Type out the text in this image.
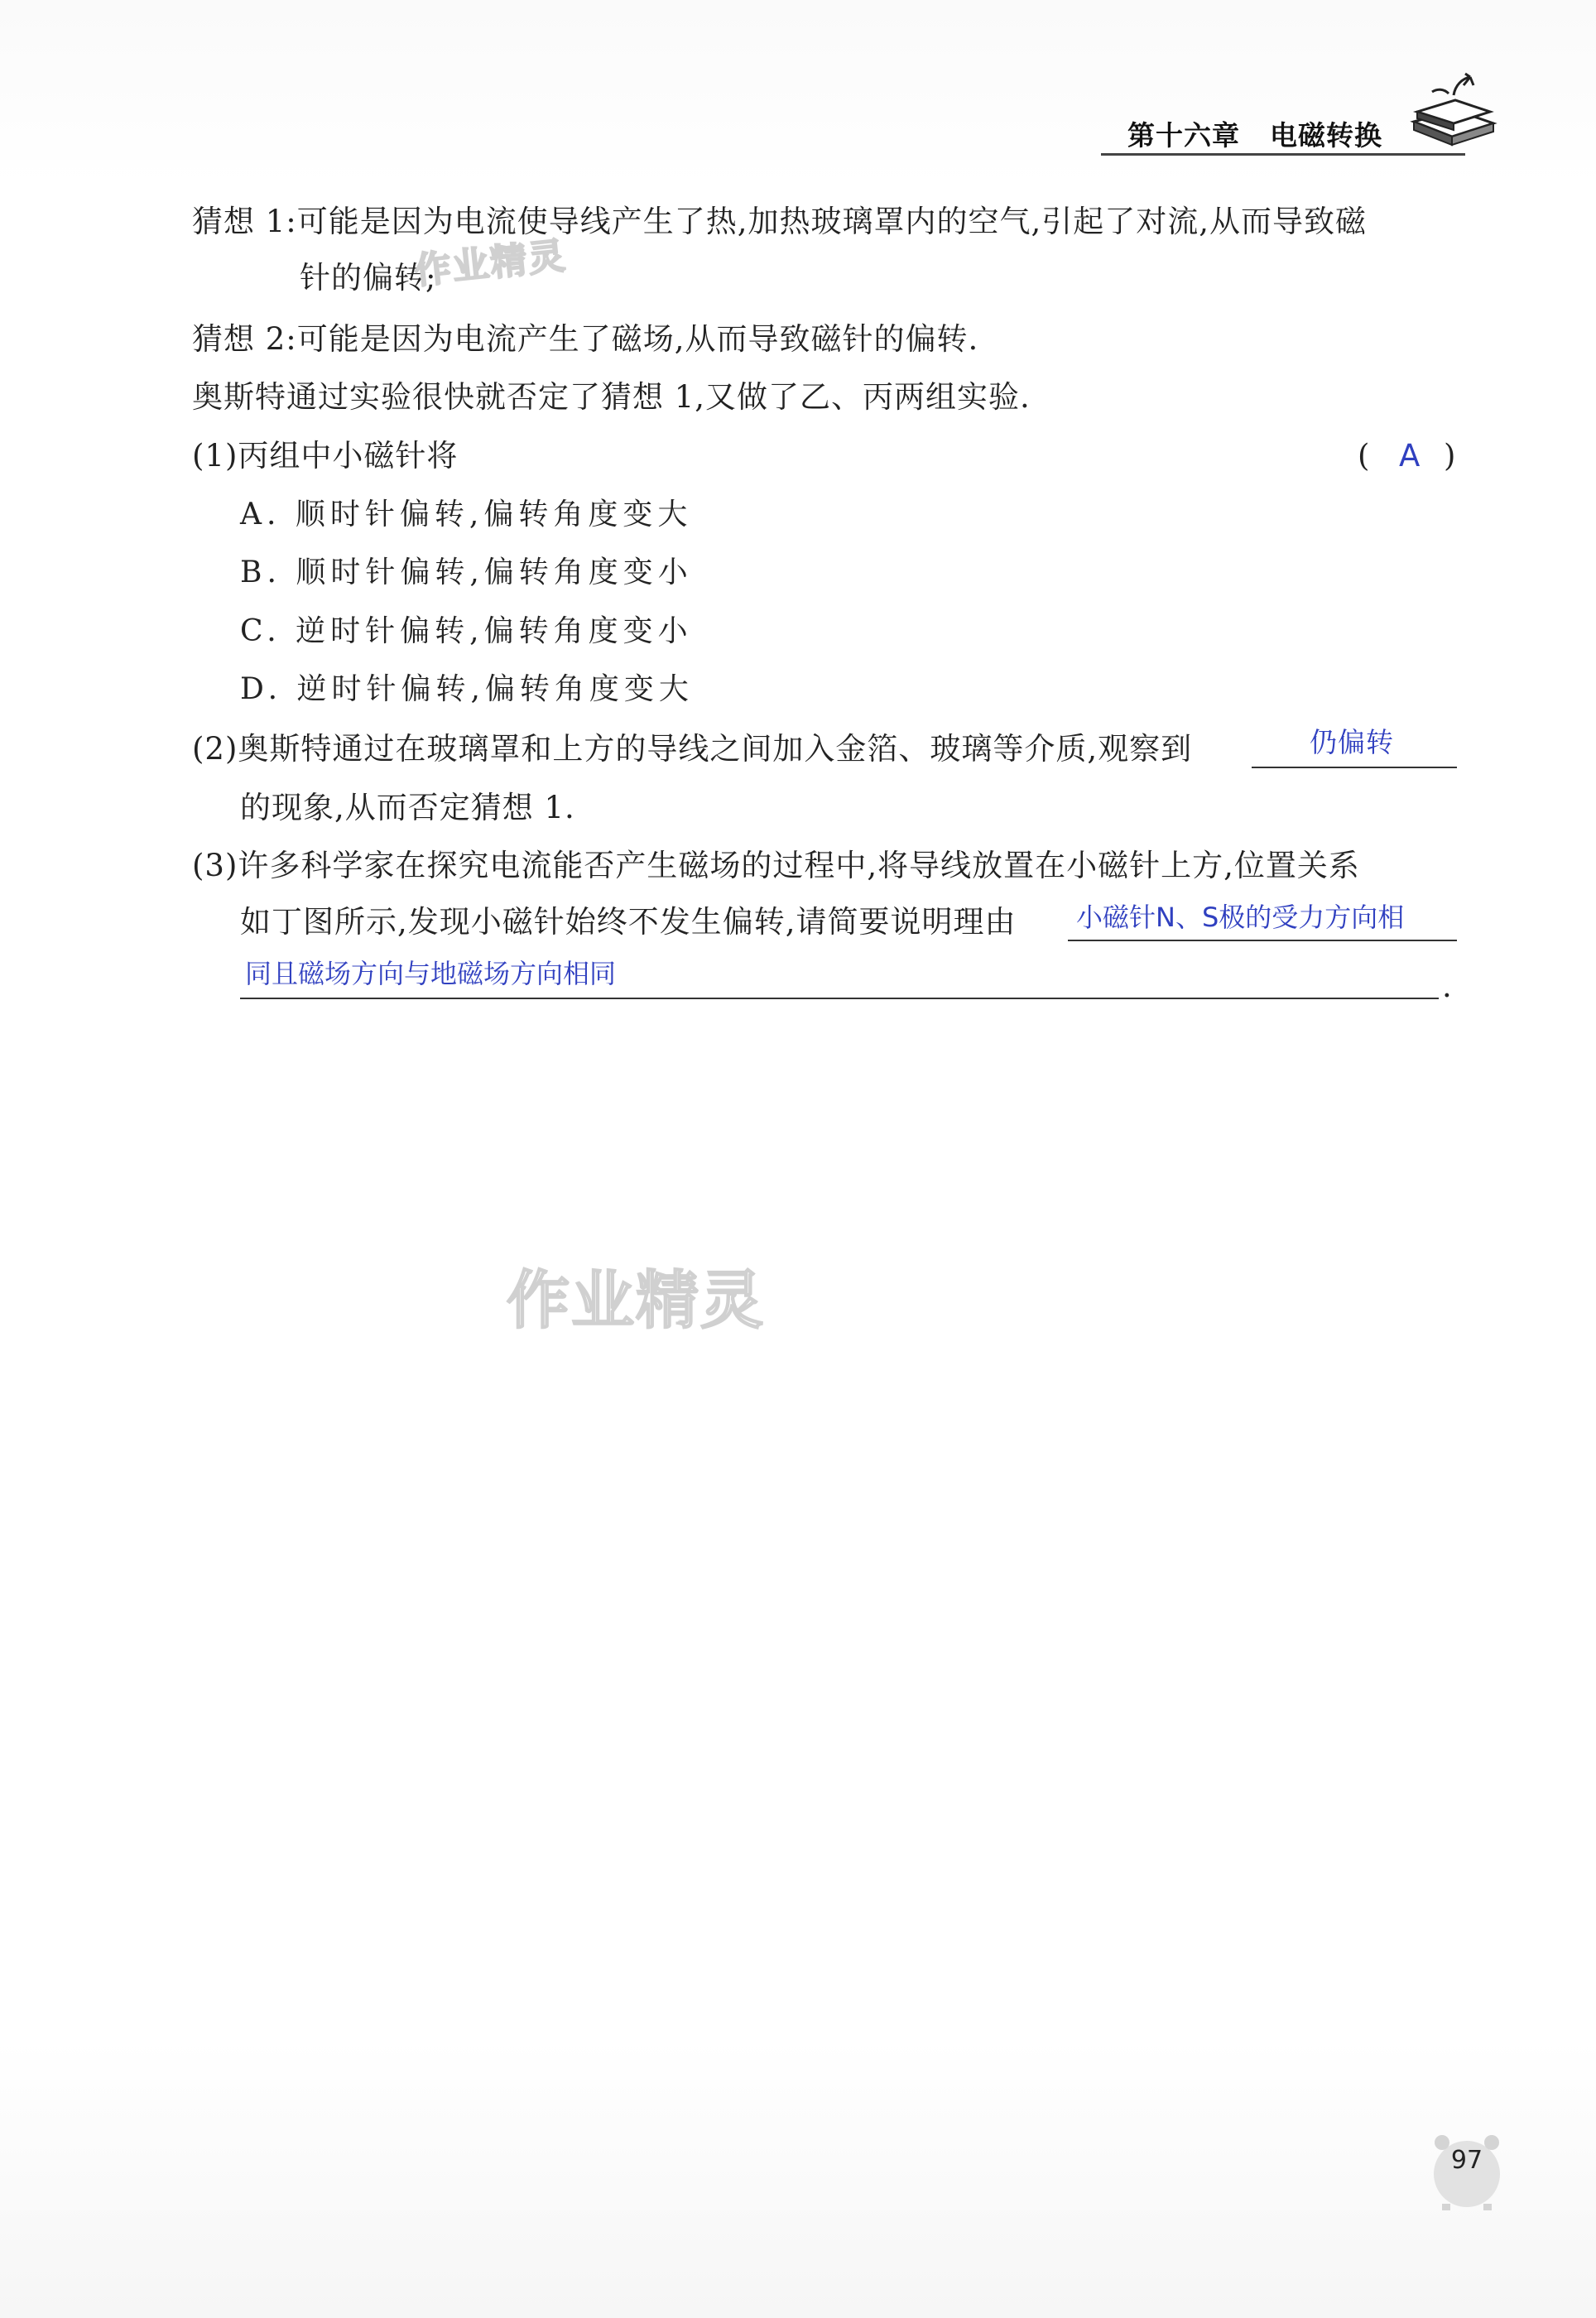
第十六章 电磁转换
猜想 1:可能是因为电流使导线产生了热,加热玻璃罩内的空气,引起了对流,从而导致磁
针的偏转;
猜想 2:可能是因为电流产生了磁场,从而导致磁针的偏转.
奥斯特通过实验很快就否定了猜想 1,又做了乙、丙两组实验.
(1)丙组中小磁针将	( A )
A. 顺时针偏转,偏转角度变大
B. 顺时针偏转,偏转角度变小
C. 逆时针偏转,偏转角度变小
D. 逆时针偏转,偏转角度变大
(2)奥斯特通过在玻璃罩和上方的导线之间加入金箔、玻璃等介质,观察到	仍偏转
的现象,从而否定猜想 1.
(3)许多科学家在探究电流能否产生磁场的过程中,将导线放置在小磁针上方,位置关系
如丁图所示,发现小磁针始终不发生偏转,请简要说明理由 小磁针N、S极的受力方向相
同且磁场方向与地磁场方向相同	.
作业精灵
作业精灵
97
